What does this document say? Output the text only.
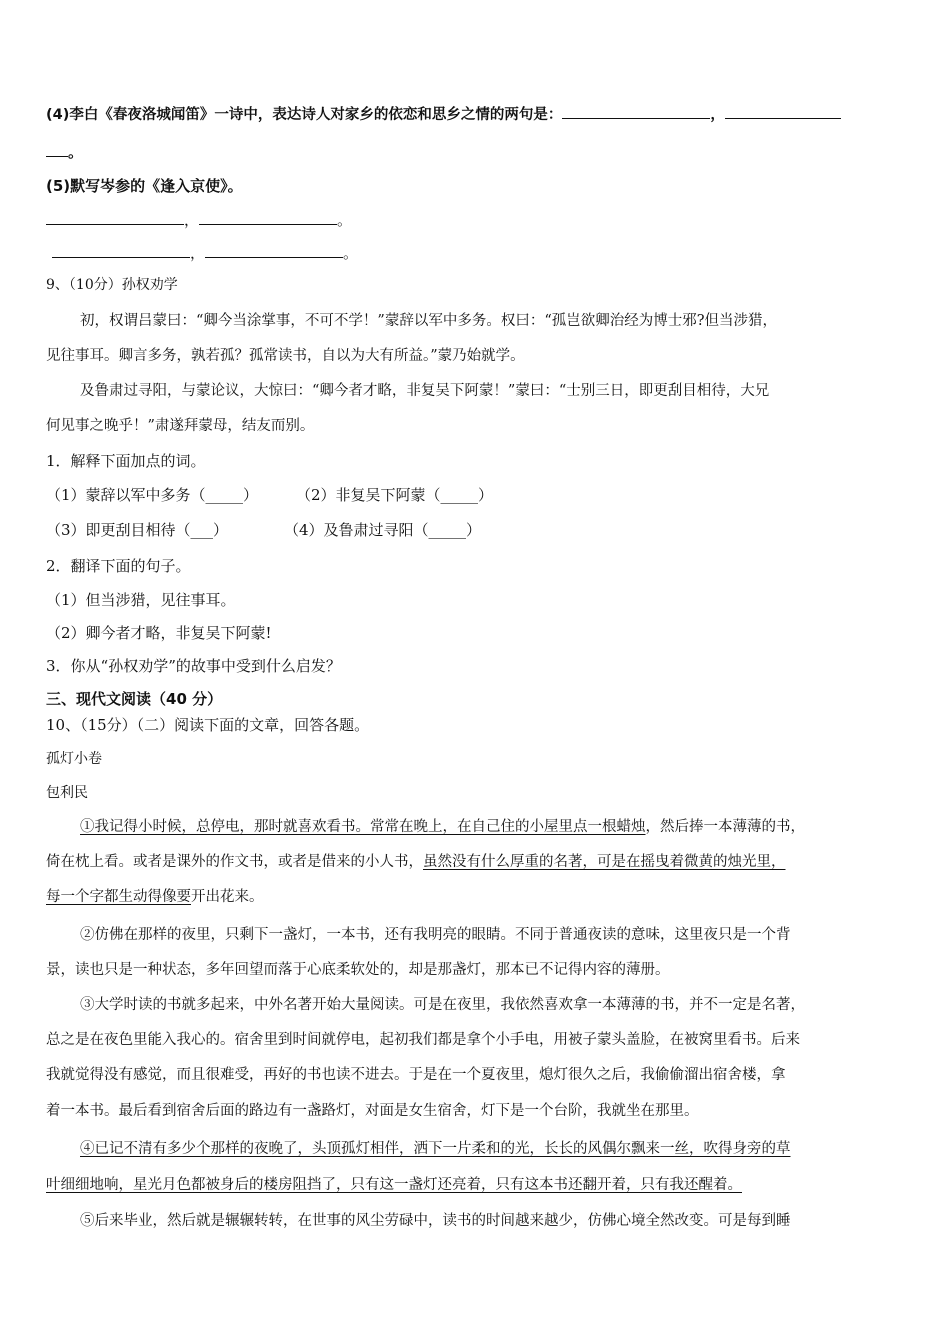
(4)李白《春夜洛城闻笛》一诗中，表达诗人对家乡的依恋和思乡之情的两句是：	，
。
(5)默写岑参的《逢入京使》。
，	。
，	。
9、（10分）孙权劝学
初，权谓吕蒙曰：“卿今当涂掌事，不可不学！”蒙辞以军中多务。权曰：“孤岂欲卿治经为博士邪?但当涉猎，
见往事耳。卿言多务，孰若孤？孤常读书，自以为大有所益。”蒙乃始就学。
及鲁肃过寻阳，与蒙论议，大惊曰：“卿今者才略，非复吴下阿蒙！”蒙曰：“士别三日，即更刮目相待，大兄
何见事之晚乎！”肃遂拜蒙母，结友而别。
1．解释下面加点的词。
（1）蒙辞以军中多务（_____）	（2）非复吴下阿蒙（_____）
（3）即更刮目相待（___）	（4）及鲁肃过寻阳（_____）
2．翻译下面的句子。
（1）但当涉猎，见往事耳。
（2）卿今者才略，非复吴下阿蒙!
3．你从“孙权劝学”的故事中受到什么启发？
三、现代文阅读（40 分）
10、（15分）（二）阅读下面的文章，回答各题。
孤灯小卷
包利民
①我记得小时候，总停电，那时就喜欢看书。常常在晚上，在自己住的小屋里点一根蜡烛，然后捧一本薄薄的书，
倚在枕上看。或者是课外的作文书，或者是借来的小人书，虽然没有什么厚重的名著，可是在摇曳着微黄的烛光里，
每一个字都生动得像要开出花来。
②仿佛在那样的夜里，只剩下一盏灯，一本书，还有我明亮的眼睛。不同于普通夜读的意味，这里夜只是一个背
景，读也只是一种状态，多年回望而落于心底柔软处的，却是那盏灯，那本已不记得内容的薄册。
③大学时读的书就多起来，中外名著开始大量阅读。可是在夜里，我依然喜欢拿一本薄薄的书，并不一定是名著，
总之是在夜色里能入我心的。宿舍里到时间就停电，起初我们都是拿个小手电，用被子蒙头盖脸，在被窝里看书。后来
我就觉得没有感觉，而且很难受，再好的书也读不进去。于是在一个夏夜里，熄灯很久之后，我偷偷溜出宿舍楼，拿
着一本书。最后看到宿舍后面的路边有一盏路灯，对面是女生宿舍，灯下是一个台阶，我就坐在那里。
④已记不清有多少个那样的夜晚了，头顶孤灯相伴，洒下一片柔和的光，长长的风偶尔飘来一丝，吹得身旁的草
叶细细地响，星光月色都被身后的楼房阻挡了，只有这一盏灯还亮着，只有这本书还翻开着，只有我还醒着。
⑤后来毕业，然后就是辗辗转转，在世事的风尘劳碌中，读书的时间越来越少，仿佛心境全然改变。可是每到睡
